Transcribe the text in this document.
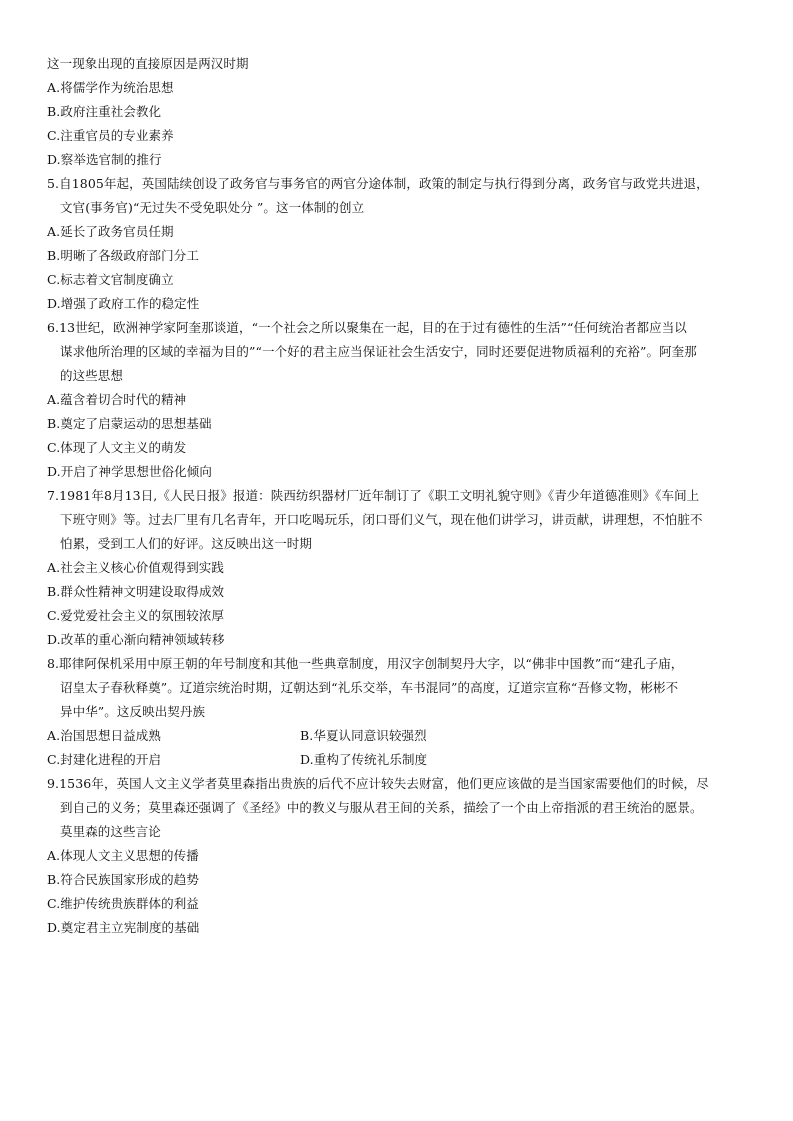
这一现象出现的直接原因是两汉时期
A.将儒学作为统治思想
B.政府注重社会教化
C.注重官员的专业素养
D.察举选官制的推行
5.自1805年起，英国陆续创设了政务官与事务官的两官分途体制，政策的制定与执行得到分离，政务官与政党共进退，
文官(事务官)“无过失不受免职处分 ”。这一体制的创立
A.延长了政务官员任期
B.明晰了各级政府部门分工
C.标志着文官制度确立
D.增强了政府工作的稳定性
6.13世纪，欧洲神学家阿奎那谈道，“一个社会之所以聚集在一起，目的在于过有德性的生活”“任何统治者都应当以
谋求他所治理的区域的幸福为目的”“一个好的君主应当保证社会生活安宁，同时还要促进物质福利的充裕”。阿奎那
的这些思想
A.蕴含着切合时代的精神
B.奠定了启蒙运动的思想基础
C.体现了人文主义的萌发
D.开启了神学思想世俗化倾向
7.1981年8月13日,《人民日报》报道：陕西纺织器材厂近年制订了《职工文明礼貌守则》《青少年道德准则》《车间上
下班守则》等。过去厂里有几名青年，开口吃喝玩乐，闭口哥们义气，现在他们讲学习，讲贡献，讲理想，不怕脏不
怕累，受到工人们的好评。这反映出这一时期
A.社会主义核心价值观得到实践
B.群众性精神文明建设取得成效
C.爱党爱社会主义的氛围较浓厚
D.改革的重心渐向精神领域转移
8.耶律阿保机采用中原王朝的年号制度和其他一些典章制度，用汉字创制契丹大字，以“佛非中国教”而“建孔子庙，
诏皇太子春秋释奠”。辽道宗统治时期，辽朝达到“礼乐交举，车书混同”的高度，辽道宗宣称“吾修文物，彬彬不
异中华”。这反映出契丹族
A.治国思想日益成熟	B.华夏认同意识较强烈
C.封建化进程的开启	D.重构了传统礼乐制度
9.1536年，英国人文主义学者莫里森指出贵族的后代不应计较失去财富，他们更应该做的是当国家需要他们的时候，尽
到自己的义务；莫里森还强调了《圣经》中的教义与服从君王间的关系，描绘了一个由上帝指派的君王统治的愿景。
莫里森的这些言论
A.体现人文主义思想的传播
B.符合民族国家形成的趋势
C.维护传统贵族群体的利益
D.奠定君主立宪制度的基础
